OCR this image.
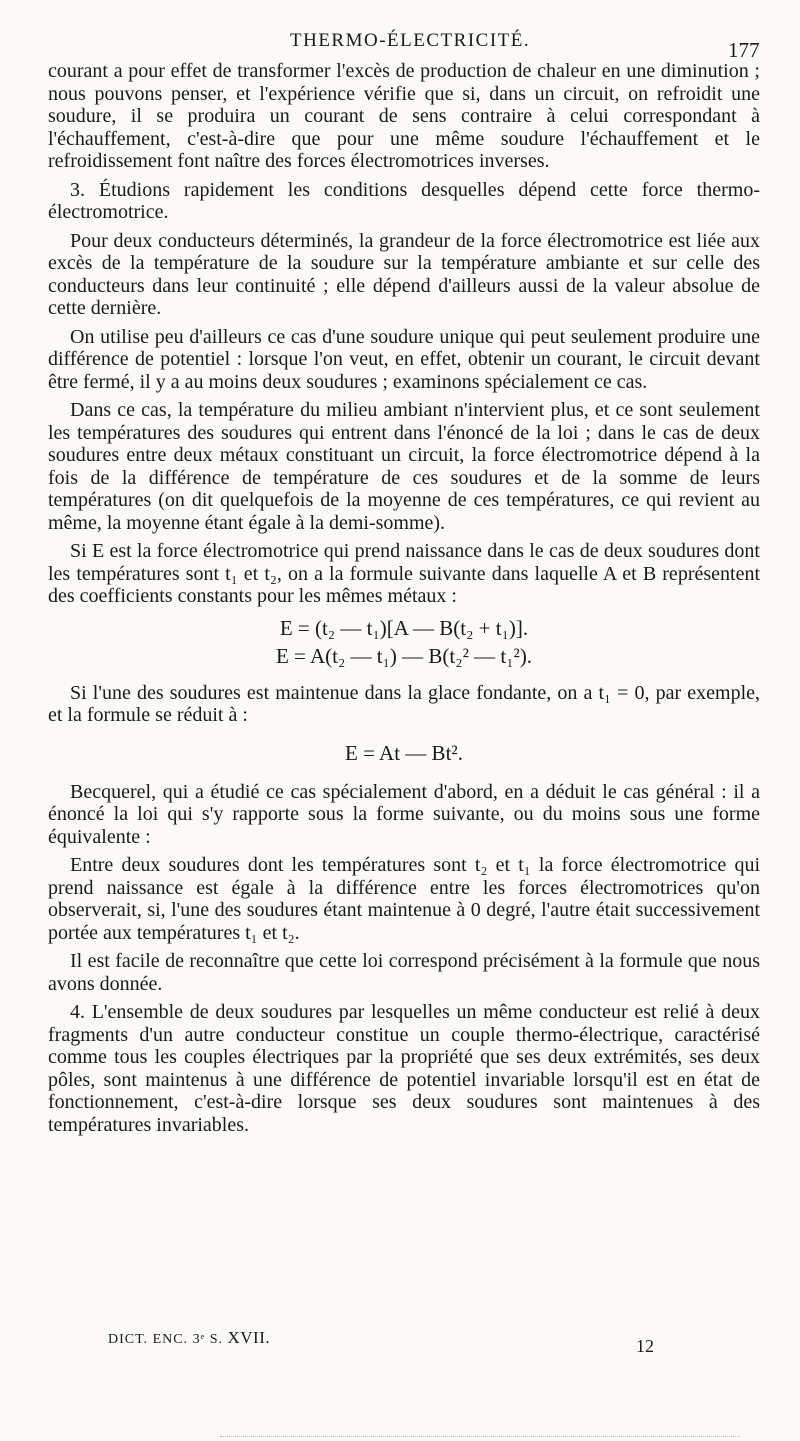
THERMO-ÉLECTRICITÉ.	177

courant a pour effet de transformer l'excès de production de chaleur en une diminution ; nous pouvons penser, et l'expérience vérifie que si, dans un circuit, on refroidit une soudure, il se produira un courant de sens contraire à celui correspondant à l'échauffement, c'est-à-dire que pour une même soudure l'échauffement et le refroidissement font naître des forces électromotrices inverses.

3. Étudions rapidement les conditions desquelles dépend cette force thermo-électromotrice.

Pour deux conducteurs déterminés, la grandeur de la force électromotrice est liée aux excès de la température de la soudure sur la température ambiante et sur celle des conducteurs dans leur continuité ; elle dépend d'ailleurs aussi de la valeur absolue de cette dernière.

On utilise peu d'ailleurs ce cas d'une soudure unique qui peut seulement produire une différence de potentiel : lorsque l'on veut, en effet, obtenir un courant, le circuit devant être fermé, il y a au moins deux soudures ; examinons spécialement ce cas.

Dans ce cas, la température du milieu ambiant n'intervient plus, et ce sont seulement les températures des soudures qui entrent dans l'énoncé de la loi ; dans le cas de deux soudures entre deux métaux constituant un circuit, la force électromotrice dépend à la fois de la différence de température de ces soudures et de la somme de leurs températures (on dit quelquefois de la moyenne de ces températures, ce qui revient au même, la moyenne étant égale à la demi-somme).

Si E est la force électromotrice qui prend naissance dans le cas de deux soudures dont les températures sont t₁ et t₂, on a la formule suivante dans laquelle A et B représentent des coefficients constants pour les mêmes métaux :

E = (t₂ — t₁)[A — B(t₂ + t₁)].
E = A(t₂ — t₁) — B(t₂² — t₁²).

Si l'une des soudures est maintenue dans la glace fondante, on a t₁ = 0, par exemple, et la formule se réduit à :

E = At — Bt².

Becquerel, qui a étudié ce cas spécialement d'abord, en a déduit le cas général : il a énoncé la loi qui s'y rapporte sous la forme suivante, ou du moins sous une forme équivalente :

Entre deux soudures dont les températures sont t₂ et t₁ la force électromotrice qui prend naissance est égale à la différence entre les forces électromotrices qu'on observerait, si, l'une des soudures étant maintenue à 0 degré, l'autre était successivement portée aux températures t₁ et t₂.

Il est facile de reconnaître que cette loi correspond précisément à la formule que nous avons donnée.

4. L'ensemble de deux soudures par lesquelles un même conducteur est relié à deux fragments d'un autre conducteur constitue un couple thermo-électrique, caractérisé comme tous les couples électriques par la propriété que ses deux extrémités, ses deux pôles, sont maintenus à une différence de potentiel invariable lorsqu'il est en état de fonctionnement, c'est-à-dire lorsque ses deux soudures sont maintenues à des températures invariables.

DICT. ENC. 3ᵉ S. XVII.	12
